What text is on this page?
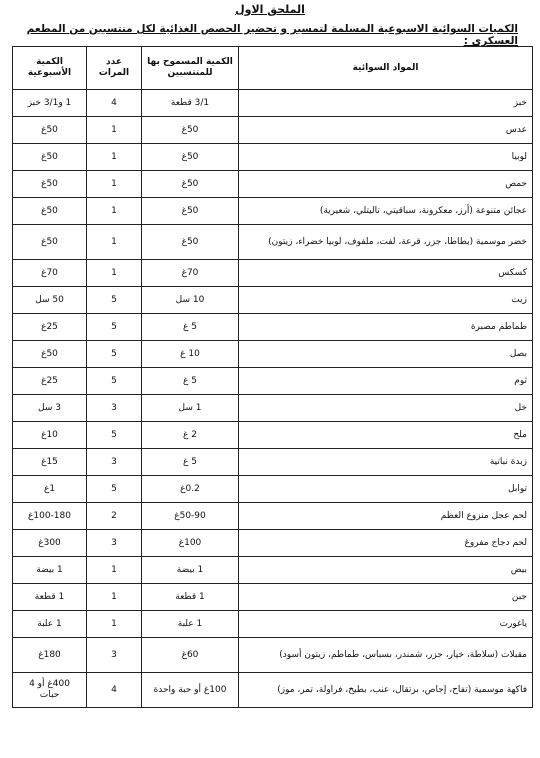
الملحق الاول
الكميات السوائية الاسبوعية المسلمة لتمسير و تحضير الحصص الغذائية لكل منتسبين من المطعم العسكري :
المواد السوائية	الكمية المسموح بها للمنتسبين	عدد المرات	الكمية الأسبوعية
خبز	3/1 قطعة	4	1 و3/1 خبز
عدس	50غ	1	50غ
لوبيا	50غ	1	50غ
حمص	50غ	1	50غ
عجائن متنوعة (أرز، معكرونة، سباقيتي، تاليتلي، شعيرية)	50غ	1	50غ
خضر موسمية (بطاطا، جزر، قرعة، لفت، ملفوف، لوبيا خضراء، زيتون)	50غ	1	50غ
كسكس	70غ	1	70غ
زيت	10 سل	5	50 سل
طماطم مصبرة	5 غ	5	25غ
بصل	10 غ	5	50غ
ثوم	5 غ	5	25غ
خل	1 سل	3	3 سل
ملح	2 غ	5	10غ
زبدة نباتية	5 غ	3	15غ
توابل	0.2غ	5	1غ
لحم عجل منزوع العظم	50-90غ	2	100-180غ
لحم دجاج مفروغ	100غ	3	300غ
بيض	1 بيضة	1	1 بيضة
جبن	1 قطعة	1	1 قطعة
ياغورت	1 علبة	1	1 علبة
مقبلات (سلاطة، خيار، جزر، شمندر، بسباس، طماطم، زيتون أسود)	60غ	3	180غ
فاكهة موسمية (تفاح، إجاص، برتقال، عنب، بطيخ، فراولة، تمر، موز)	100غ أو حبة واحدة	4	400غ أو 4 حبات
